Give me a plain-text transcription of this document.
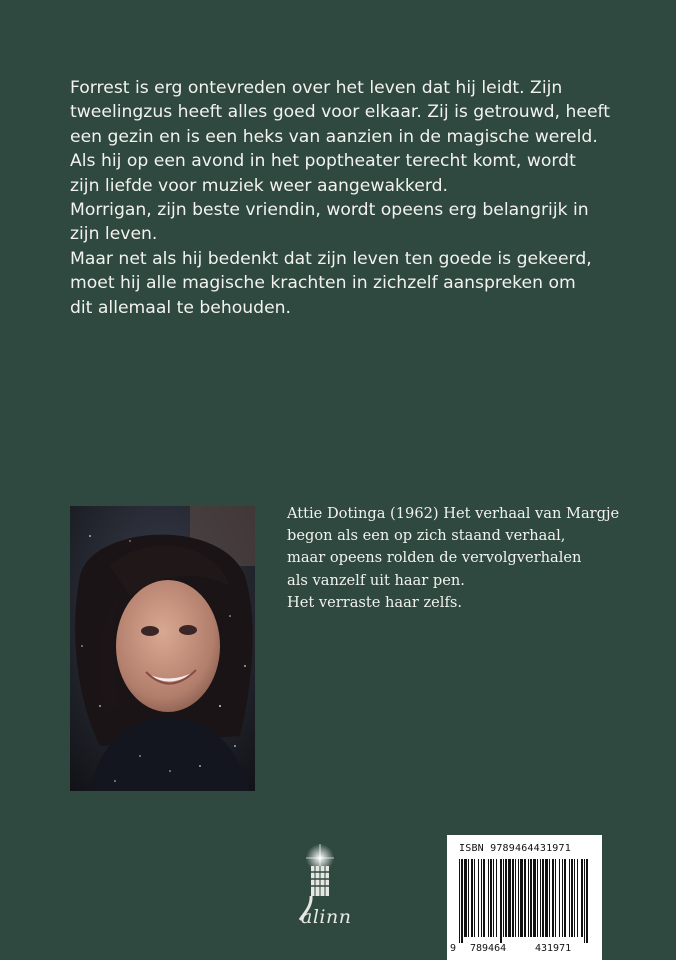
Forrest is erg ontevreden over het leven dat hij leidt. Zijn

tweelingzus heeft alles goed voor elkaar. Zij is getrouwd, heeft

een gezin en is een heks van aanzien in de magische wereld.

Als hij op een avond in het poptheater terecht komt, wordt

zijn liefde voor muziek weer aangewakkerd.

Morrigan, zijn beste vriendin, wordt opeens erg belangrijk in

zijn leven.

Maar net als hij bedenkt dat zijn leven ten goede is gekeerd,

moet hij alle magische krachten in zichzelf aanspreken om

dit allemaal te behouden.

Attie Dotinga (1962) Het verhaal van Margje

begon als een op zich staand verhaal,

maar opeens rolden de vervolgverhalen

als vanzelf uit haar pen.

Het verraste haar zelfs.

alinn
ISBN 9789464431971
9 789464	431971
